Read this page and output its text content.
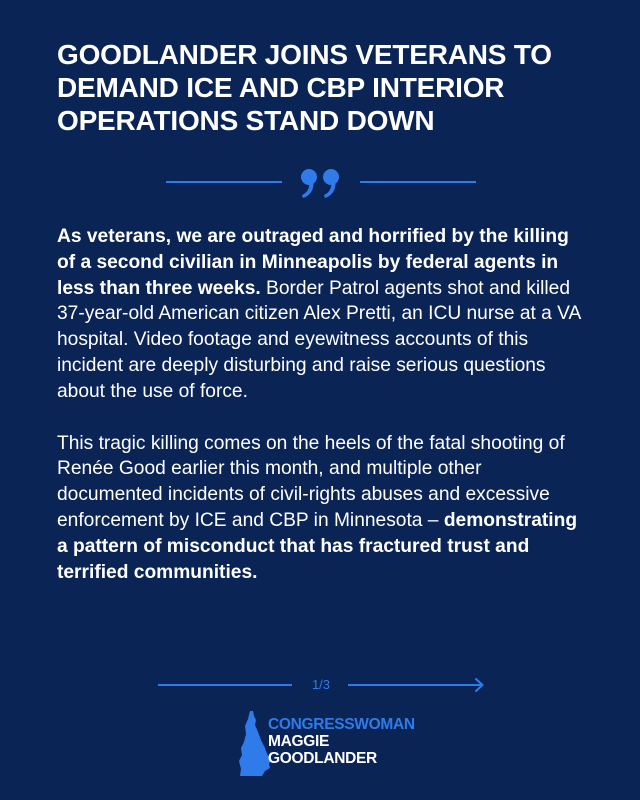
GOODLANDER JOINS VETERANS TO DEMAND ICE AND CBP INTERIOR OPERATIONS STAND DOWN

As veterans, we are outraged and horrified by the killing of a second civilian in Minneapolis by federal agents in less than three weeks. Border Patrol agents shot and killed 37-year-old American citizen Alex Pretti, an ICU nurse at a VA hospital. Video footage and eyewitness accounts of this incident are deeply disturbing and raise serious questions about the use of force.

This tragic killing comes on the heels of the fatal shooting of Renée Good earlier this month, and multiple other documented incidents of civil-rights abuses and excessive enforcement by ICE and CBP in Minnesota – demonstrating a pattern of misconduct that has fractured trust and terrified communities.

1/3
CONGRESSWOMAN
MAGGIE
GOODLANDER
